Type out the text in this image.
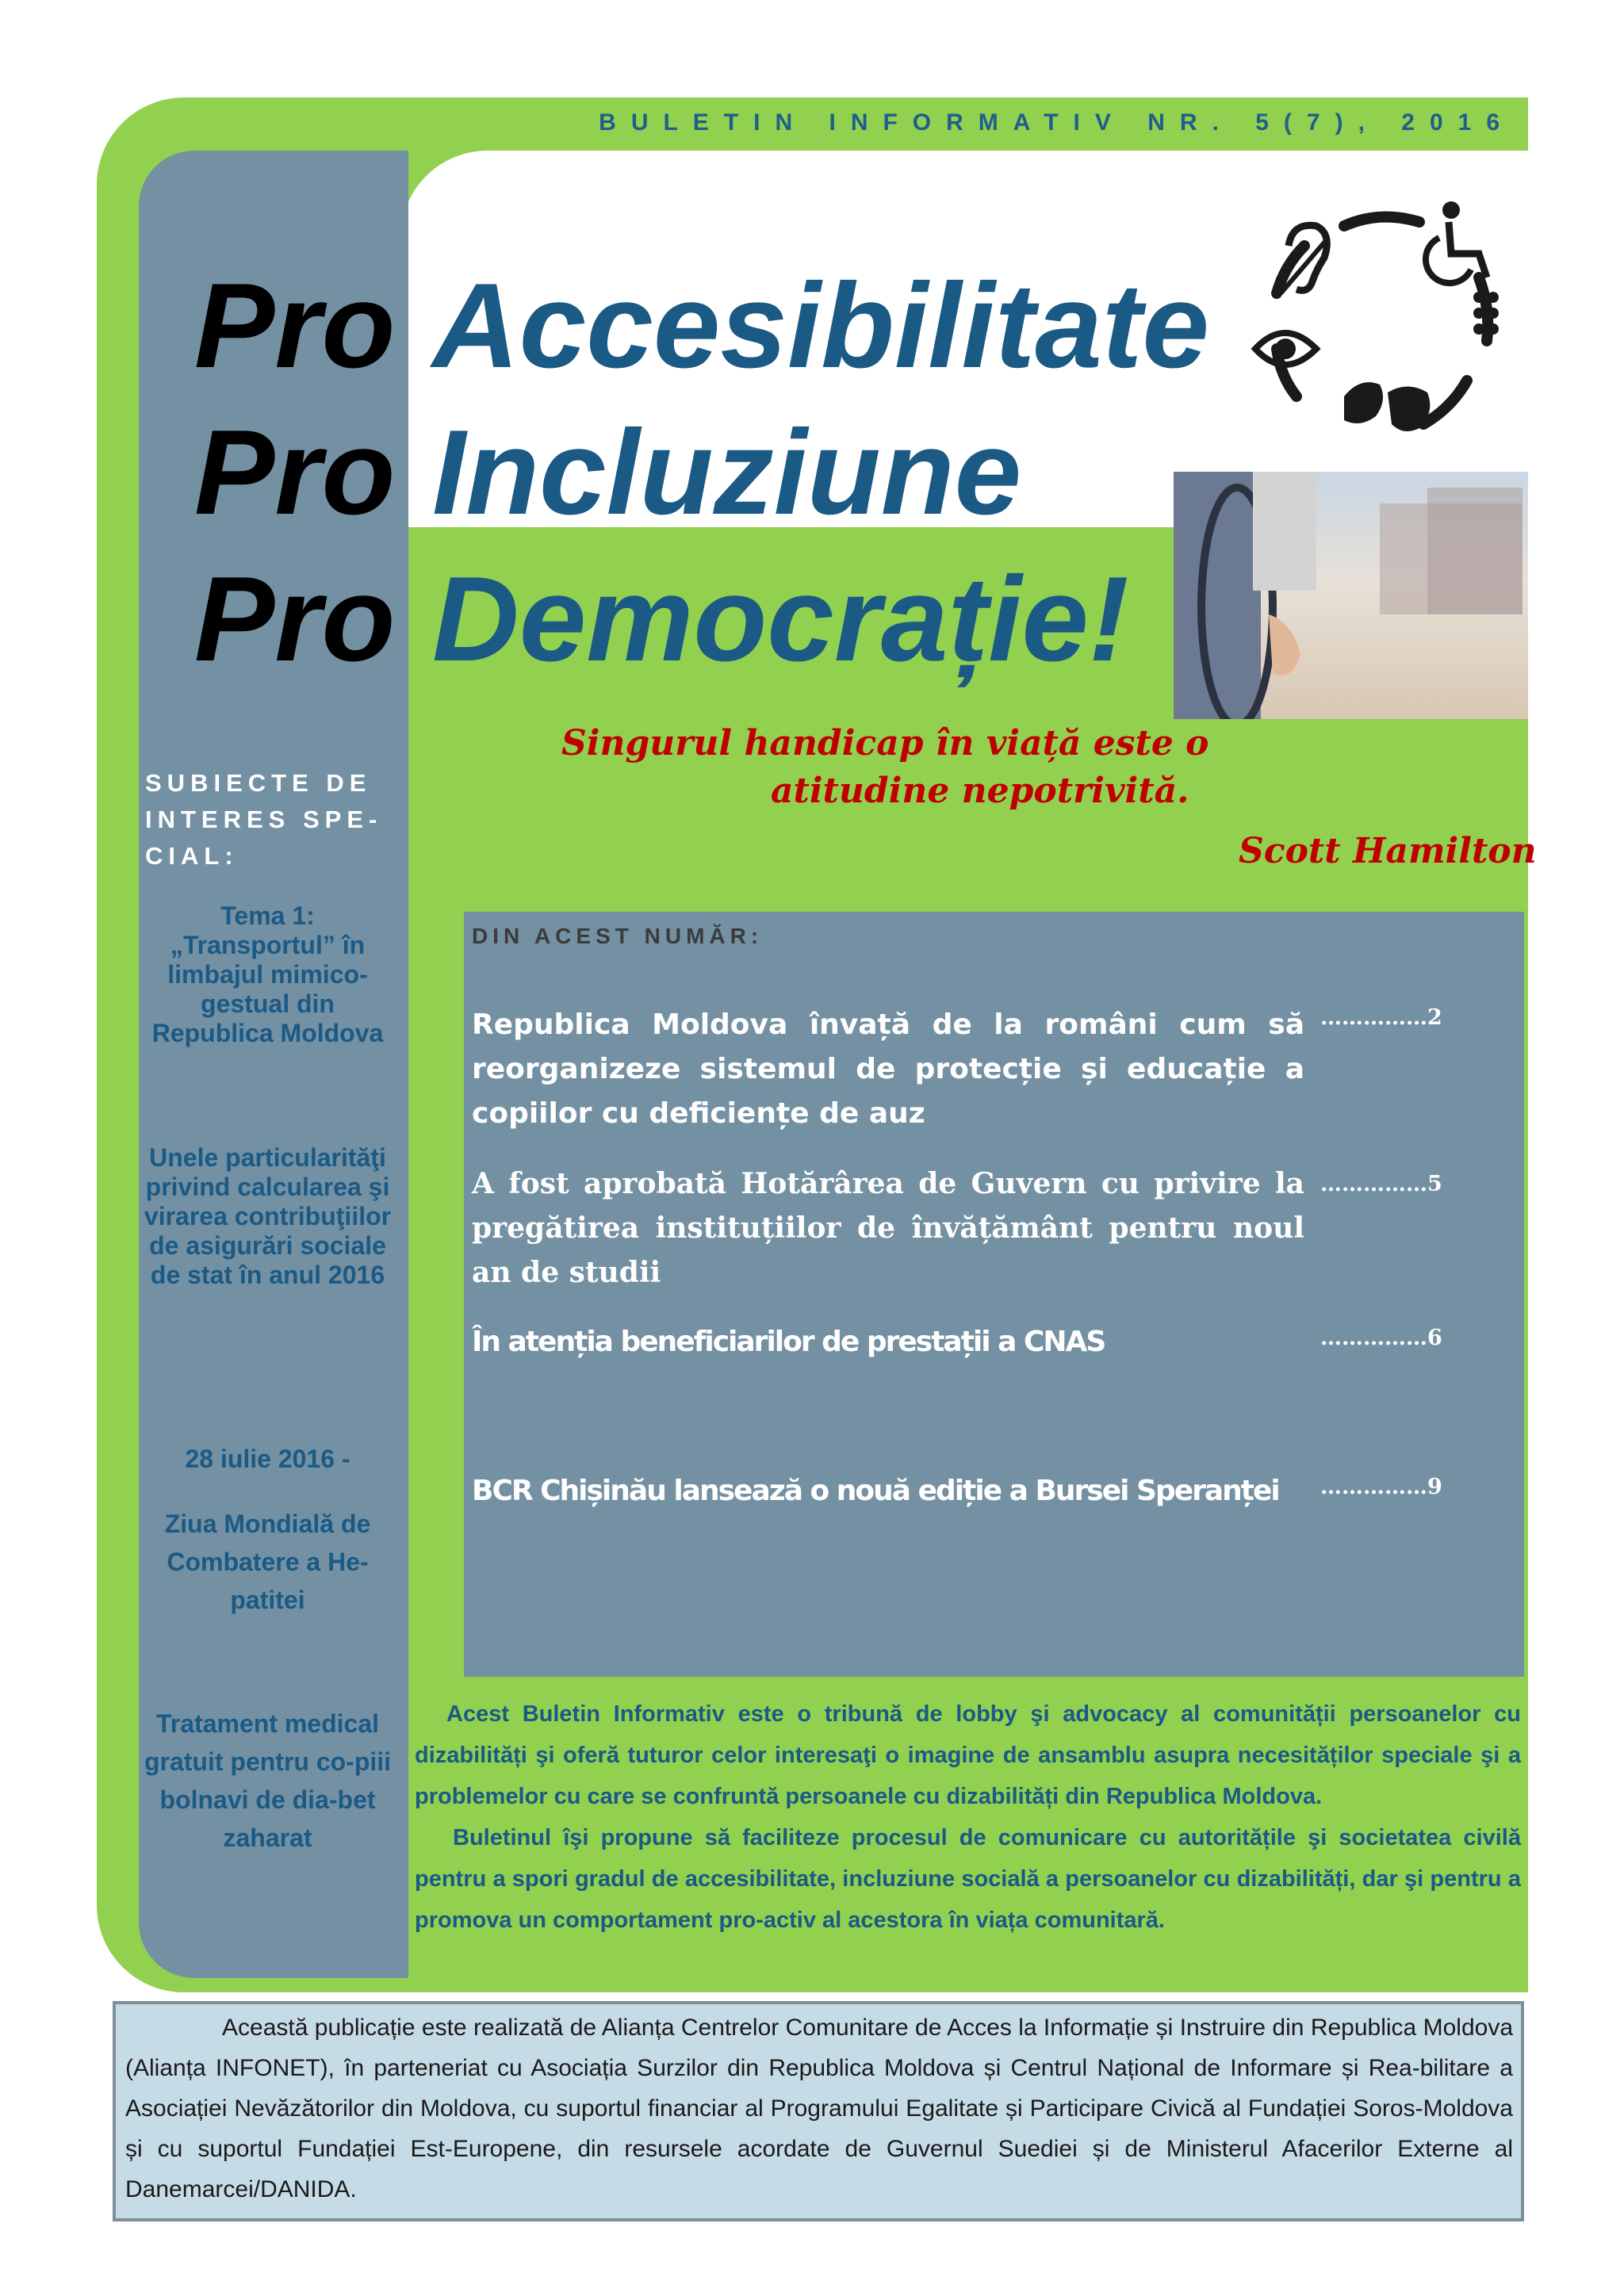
BULETIN INFORMATIV NR. 5(7), 2016
Pro
Pro
Pro
Accesibilitate
Incluziune
Democrație!
Singurul handicap în viață este o
atitudine nepotrivită.
Scott Hamilton
SUBIECTE DE INTERES SPE-CIAL:
Tema 1: „Transportul” în limbajul mimico-gestual din Republica Moldova
Unele particularităţi privind calcularea şi virarea contribuţiilor de asigurări sociale de stat în anul 2016
28 iulie 2016 -
Ziua Mondială de Combatere a He-patitei
Tratament medical gratuit pentru co-piii bolnavi de dia-bet zaharat
DIN ACEST NUMĂR:
Republica Moldova învață de la români cum să reorganizeze sistemul de protecție și educație a copiilor cu deficiențe de auz
……………2
A fost aprobată Hotărârea de Guvern cu privire la pregătirea instituțiilor de învățământ pentru noul an de studii
……………5
În atenția beneficiarilor de prestații a CNAS	……………6
BCR Chișinău lansează o nouă ediție a Bursei Speranței	……………9
Acest Buletin Informativ este o tribună de lobby şi advocacy al comunității persoanelor cu dizabilități şi oferă tuturor celor interesaţi o imagine de ansamblu asupra necesităților speciale şi a problemelor cu care se confruntă persoanele cu dizabilități din Republica Moldova.
Buletinul îşi propune să faciliteze procesul de comunicare cu autoritățile şi societatea civilă pentru a spori gradul de accesibilitate, incluziune socială a persoanelor cu dizabilități, dar şi pentru a promova un comportament pro-activ al acestora în viața comunitară.
Această publicație este realizată de Alianța Centrelor Comunitare de Acces la Informație și Instruire din Republica Moldova (Alianța INFONET), în parteneriat cu Asociația Surzilor din Republica Moldova și Centrul Național de Informare și Rea-bilitare a Asociației Nevăzătorilor din Moldova, cu suportul financiar al Programului Egalitate și Participare Civică al Fundației Soros-Moldova și cu suportul Fundației Est-Europene, din resursele acordate de Guvernul Suediei și de Ministerul Afacerilor Externe al Danemarcei/DANIDA.
